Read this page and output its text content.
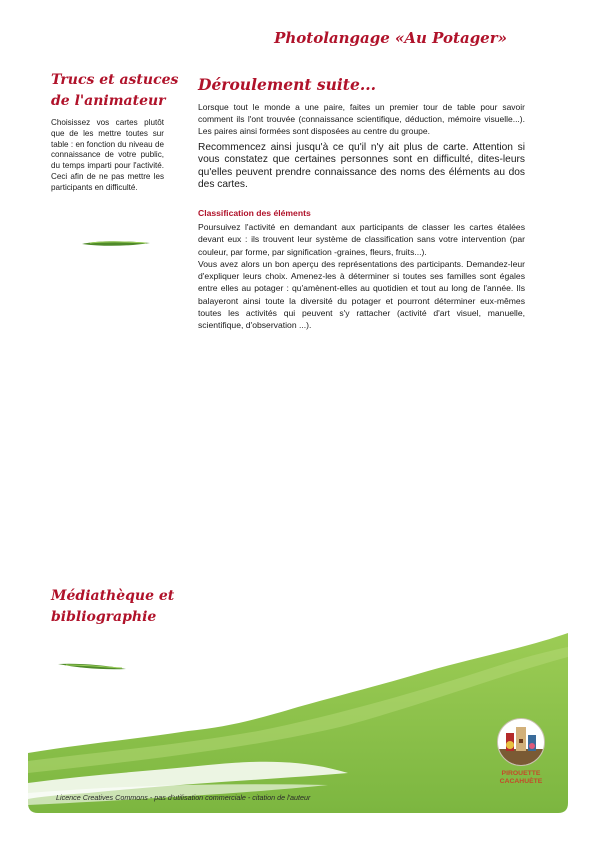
Photolangage «Au Potager»
Trucs et astuces
de l'animateur
Choisissez vos cartes plutôt que de les mettre toutes sur table : en fonction du niveau de connaissance de votre public, du temps imparti pour l'activité. Ceci afin de ne pas mettre les participants en difficulté.
Médiathèque et
bibliographie
Déroulement suite...

Lorsque tout le monde a une paire, faites un premier tour de table pour savoir comment ils l'ont trouvée (connaissance scientifique, déduction, mémoire visuelle...). Les paires ainsi formées sont disposées au centre du groupe.

Recommencez ainsi jusqu'à ce qu'il n'y ait plus de carte. Attention si vous constatez que certaines personnes sont en difficulté, dites-leurs qu'elles peuvent prendre connaissance des noms des éléments au dos des cartes.

Classification des éléments

Poursuivez l'activité en demandant aux participants de classer les cartes étalées devant eux : ils trouvent leur système de classification sans votre intervention (par couleur, par forme, par signification -graines, fleurs, fruits...).

Vous avez alors un bon aperçu des représentations des participants. Demandez-leur d'expliquer leurs choix. Amenez-les à déterminer si toutes ses familles sont égales entre elles au potager : qu'amènent-elles au quotidien et tout au long de l'année. Ils balayeront ainsi toute la diversité du potager et pourront déterminer eux-mêmes toutes les activités qui peuvent s'y rattacher (activité d'art visuel, manuelle, scientifique, d'observation ...).

Licence Creatives Commons - pas d'utilisation commerciale - citation de l'auteur
PIROUETTE
CACAHUÈTE
